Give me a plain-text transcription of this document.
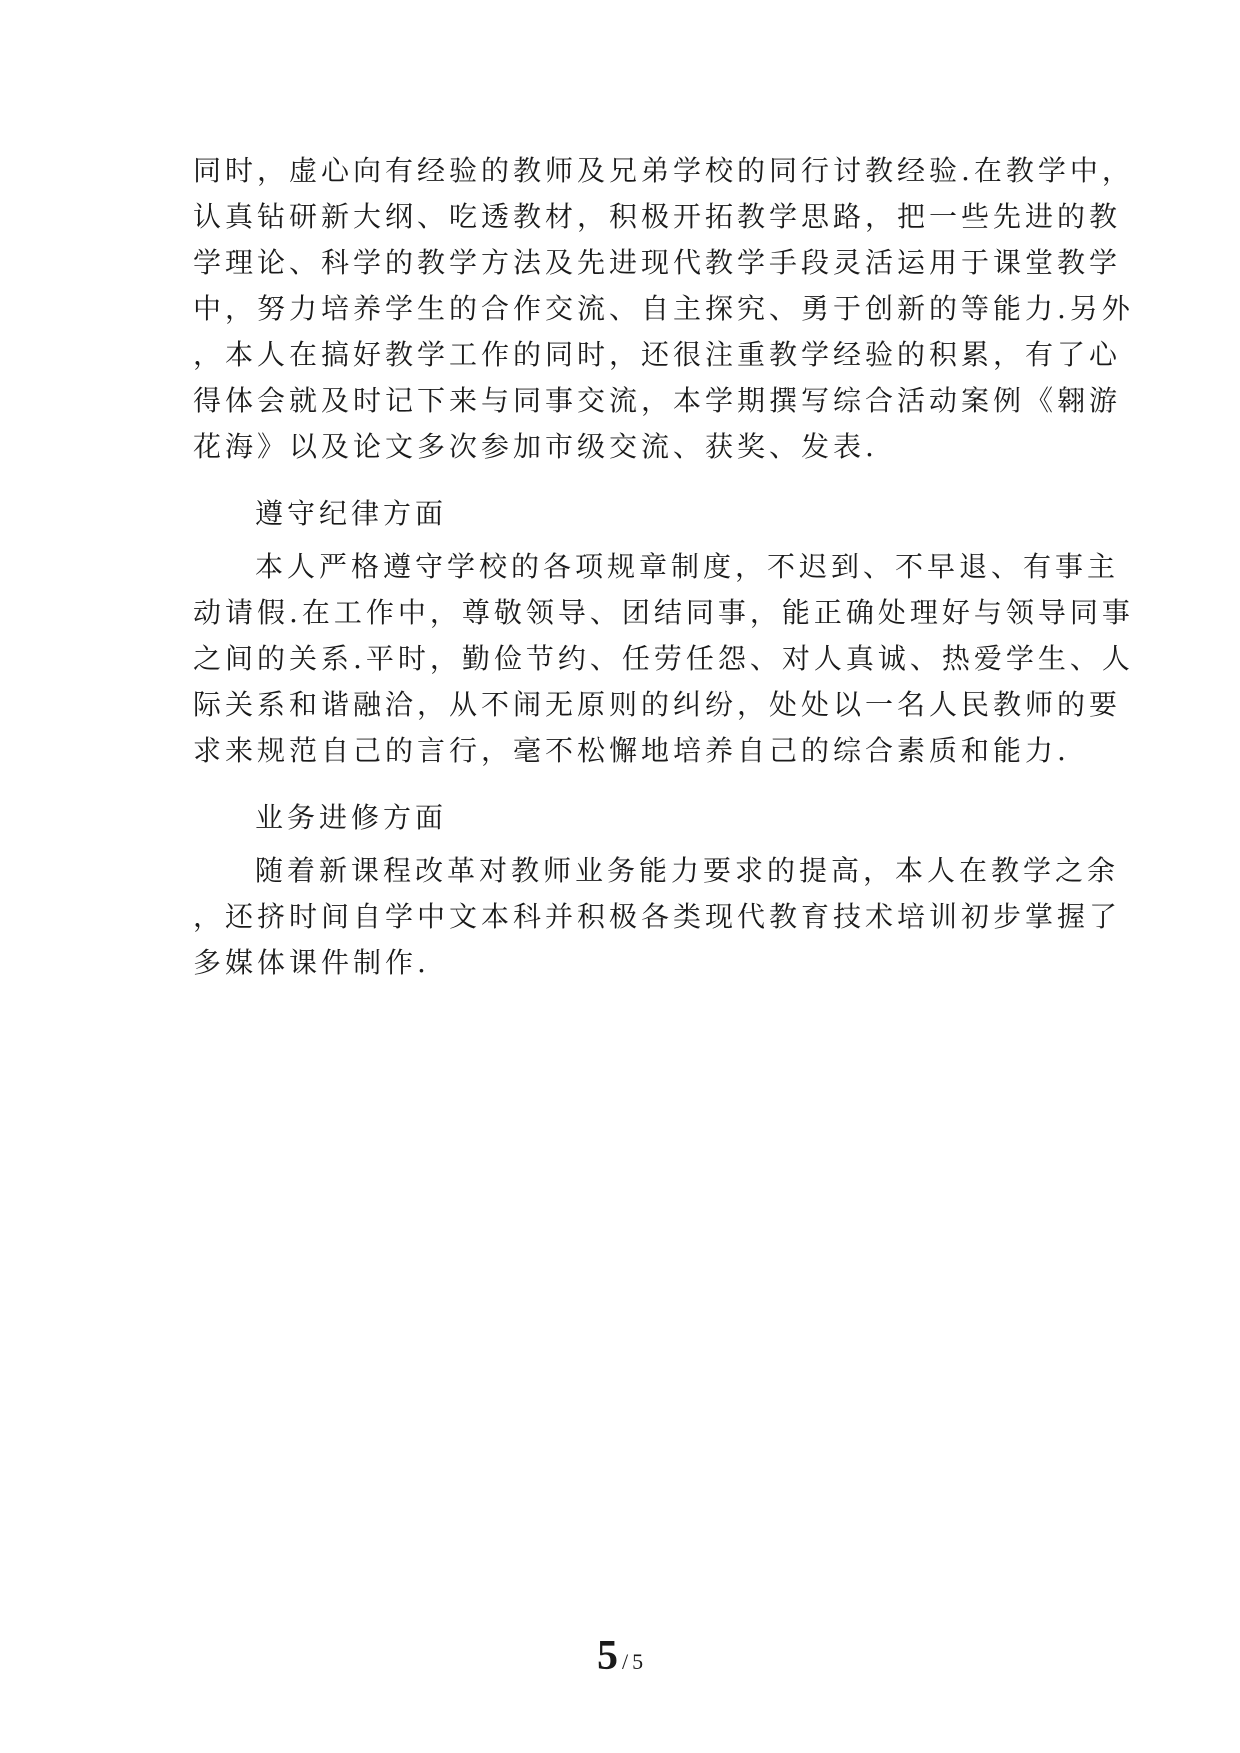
同时，虚心向有经验的教师及兄弟学校的同行讨教经验.在教学中，
认真钻研新大纲、吃透教材，积极开拓教学思路，把一些先进的教
学理论、科学的教学方法及先进现代教学手段灵活运用于课堂教学
中，努力培养学生的合作交流、自主探究、勇于创新的等能力.另外
，本人在搞好教学工作的同时，还很注重教学经验的积累，有了心
得体会就及时记下来与同事交流，本学期撰写综合活动案例《翱游
花海》以及论文多次参加市级交流、获奖、发表.
遵守纪律方面
本人严格遵守学校的各项规章制度，不迟到、不早退、有事主
动请假.在工作中，尊敬领导、团结同事，能正确处理好与领导同事
之间的关系.平时，勤俭节约、任劳任怨、对人真诚、热爱学生、人
际关系和谐融洽，从不闹无原则的纠纷，处处以一名人民教师的要
求来规范自己的言行，毫不松懈地培养自己的综合素质和能力.
业务进修方面
随着新课程改革对教师业务能力要求的提高，本人在教学之余
，还挤时间自学中文本科并积极各类现代教育技术培训初步掌握了
多媒体课件制作.
5 / 5
